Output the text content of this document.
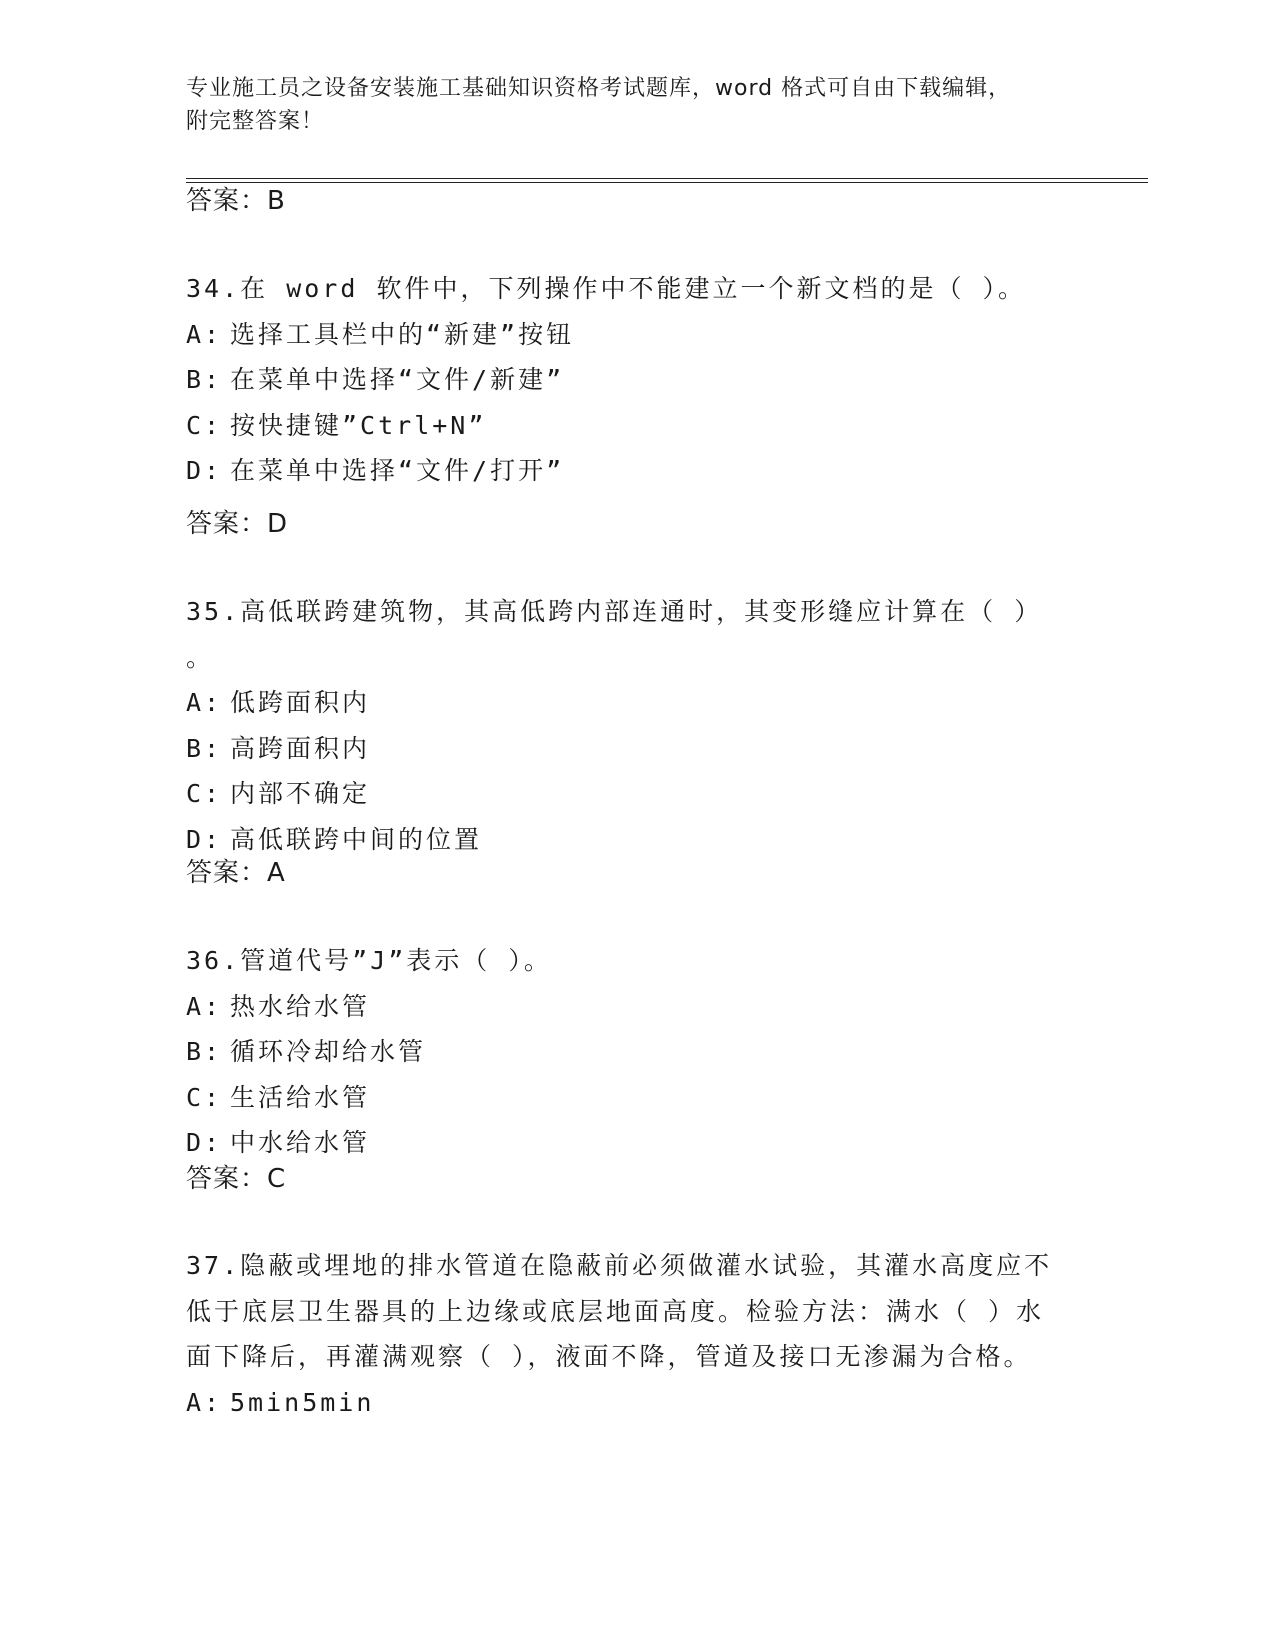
专业施工员之设备安装施工基础知识资格考试题库，word 格式可自由下载编辑，
附完整答案！
答案：B
34.在 word 软件中，下列操作中不能建立一个新文档的是（ ）。
A: 选择工具栏中的“新建”按钮
B: 在菜单中选择“文件/新建”
C: 按快捷键”Ctrl+N”
D: 在菜单中选择“文件/打开”
答案：D
35.高低联跨建筑物，其高低跨内部连通时，其变形缝应计算在（ ）
。
A: 低跨面积内
B: 高跨面积内
C: 内部不确定
D: 高低联跨中间的位置
答案：A
36.管道代号”J”表示（ ）。
A: 热水给水管
B: 循环冷却给水管
C: 生活给水管
D: 中水给水管
答案：C
37.隐蔽或埋地的排水管道在隐蔽前必须做灌水试验，其灌水高度应不
低于底层卫生器具的上边缘或底层地面高度。检验方法：满水（ ）水
面下降后，再灌满观察（ ），液面不降，管道及接口无渗漏为合格。
A: 5min5min
